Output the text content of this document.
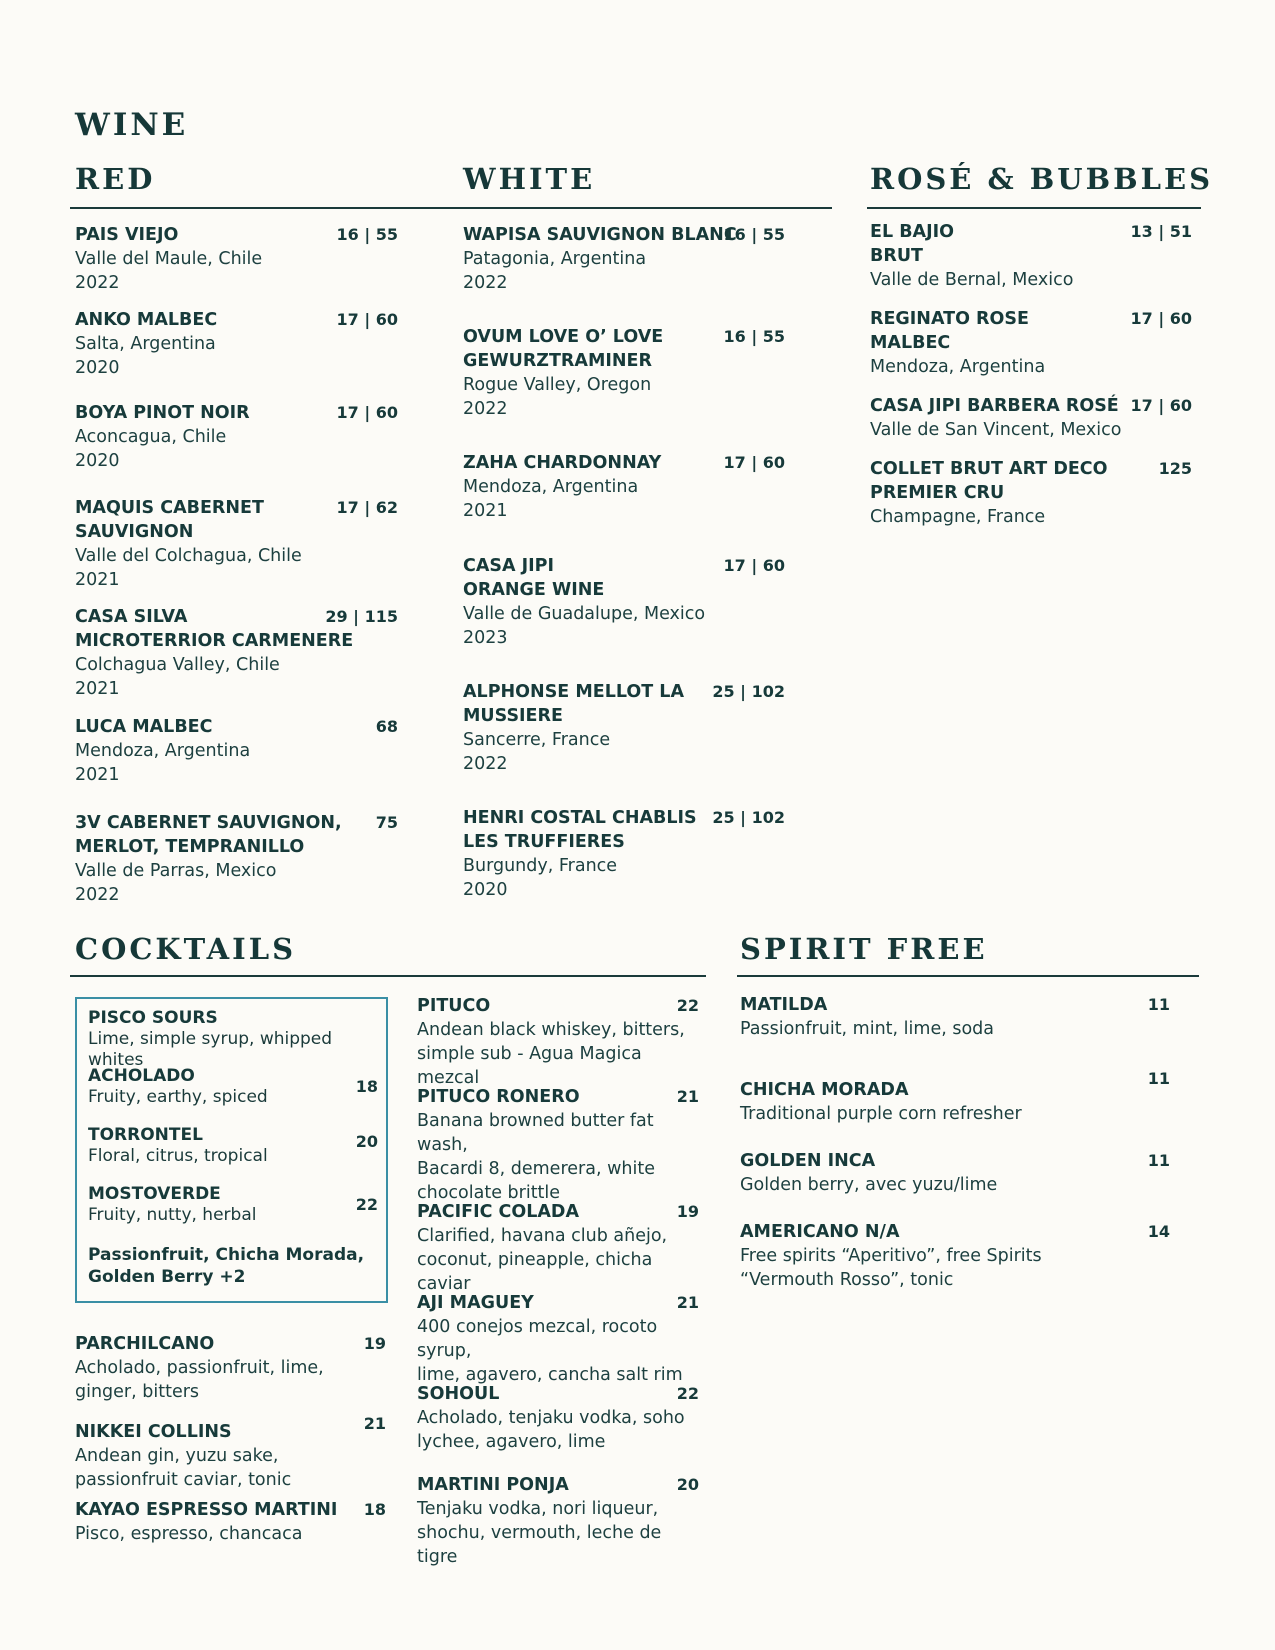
WINE
RED	WHITE	ROSÉ & BUBBLES
PAIS VIEJO
Valle del Maule, Chile
2022
16 | 55
ANKO MALBEC
Salta, Argentina
2020
17 | 60
BOYA PINOT NOIR
Aconcagua, Chile
2020
17 | 60
MAQUIS CABERNET
SAUVIGNON
Valle del Colchagua, Chile
2021
17 | 62
CASA SILVA
MICROTERRIOR CARMENERE
Colchagua Valley, Chile
2021
29 | 115
LUCA MALBEC
Mendoza, Argentina
2021
68
3V CABERNET SAUVIGNON,
MERLOT, TEMPRANILLO
Valle de Parras, Mexico
2022
75
WAPISA SAUVIGNON BLANC
Patagonia, Argentina
2022
16 | 55
OVUM LOVE O’ LOVE
GEWURZTRAMINER
Rogue Valley, Oregon
2022
16 | 55
ZAHA CHARDONNAY
Mendoza, Argentina
2021
17 | 60
CASA JIPI
ORANGE WINE
Valle de Guadalupe, Mexico
2023
17 | 60
ALPHONSE MELLOT LA
MUSSIERE
Sancerre, France
2022
25 | 102
HENRI COSTAL CHABLIS
LES TRUFFIERES
Burgundy, France
2020
25 | 102
EL BAJIO
BRUT
Valle de Bernal, Mexico
13 | 51
REGINATO ROSE
MALBEC
Mendoza, Argentina
17 | 60
CASA JIPI BARBERA ROSÉ
Valle de San Vincent, Mexico
17 | 60
COLLET BRUT ART DECO
PREMIER CRU
Champagne, France
125
COCKTAILS
PISCO SOURS
Lime, simple syrup, whipped whites
ACHOLADO
Fruity, earthy, spiced
18
TORRONTEL
Floral, citrus, tropical
20
MOSTOVERDE
Fruity, nutty, herbal
22
Passionfruit, Chicha Morada,
Golden Berry +2
PARCHILCANO
Acholado, passionfruit, lime,
ginger, bitters
19
NIKKEI COLLINS
Andean gin, yuzu sake,
passionfruit caviar, tonic
21
KAYAO ESPRESSO MARTINI
Pisco, espresso, chancaca
18
PITUCO
Andean black whiskey, bitters,
simple sub - Agua Magica mezcal
22
PITUCO RONERO
Banana browned butter fat wash,
Bacardi 8, demerera, white
chocolate brittle
21
PACIFIC COLADA
Clarified, havana club añejo,
coconut, pineapple, chicha caviar
19
AJI MAGUEY
400 conejos mezcal, rocoto syrup,
lime, agavero, cancha salt rim
21
SOHOUL
Acholado, tenjaku vodka, soho
lychee, agavero, lime
22
MARTINI PONJA
Tenjaku vodka, nori liqueur,
shochu, vermouth, leche de tigre
20
SPIRIT FREE
MATILDA
Passionfruit, mint, lime, soda
11
CHICHA MORADA
Traditional purple corn refresher
11
GOLDEN INCA
Golden berry, avec yuzu/lime
11
AMERICANO N/A
Free spirits “Aperitivo”, free Spirits
“Vermouth Rosso”, tonic
14
